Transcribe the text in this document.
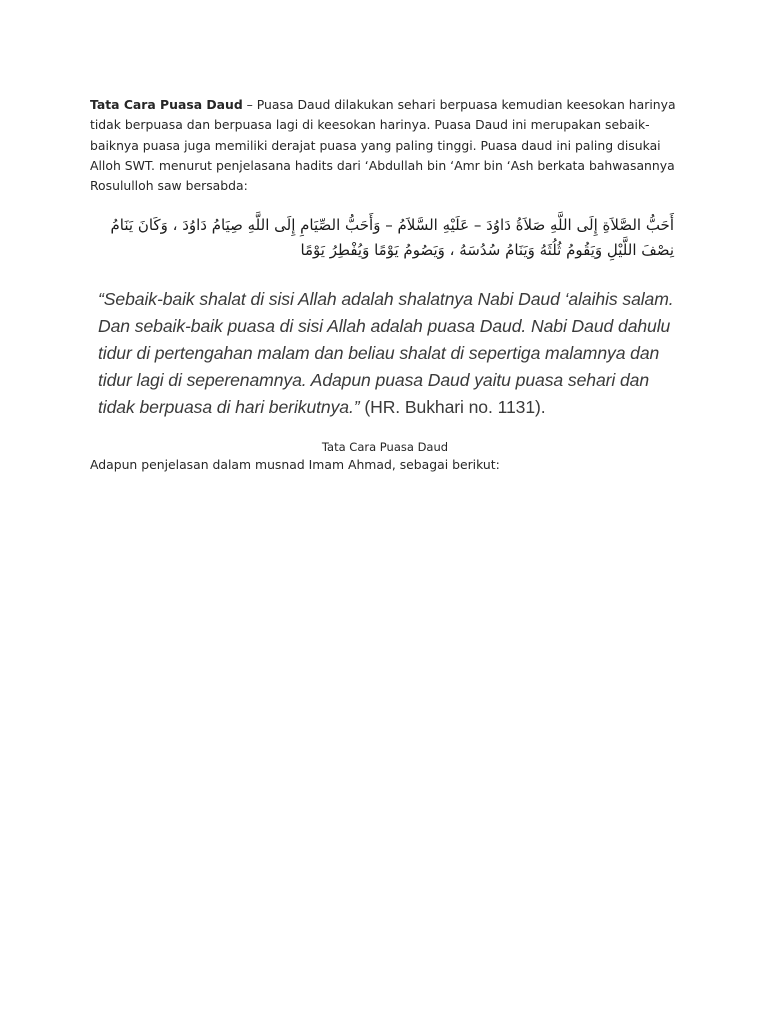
Tata Cara Puasa Daud – Puasa Daud dilakukan sehari berpuasa kemudian keesokan harinya tidak berpuasa dan berpuasa lagi di keesokan harinya. Puasa Daud ini merupakan sebaik-baiknya puasa juga memiliki derajat puasa yang paling tinggi. Puasa daud ini paling disukai Alloh SWT. menurut penjelasana hadits dari ‘Abdullah bin ‘Amr bin ‘Ash berkata bahwasannya Rosululloh saw bersabda:

أَحَبُّ الصَّلاَةِ إِلَى اللَّهِ صَلاَةُ دَاوُدَ – عَلَيْهِ السَّلاَمُ – وَأَحَبُّ الصِّيَامِ إِلَى اللَّهِ صِيَامُ دَاوُدَ ، وَكَانَ يَنَامُ نِصْفَ اللَّيْلِ وَيَقُومُ ثُلُثَهُ وَيَنَامُ سُدُسَهُ ، وَيَصُومُ يَوْمًا وَيُفْطِرُ يَوْمًا
“Sebaik-baik shalat di sisi Allah adalah shalatnya Nabi Daud ‘alaihis salam. Dan sebaik-baik puasa di sisi Allah adalah puasa Daud. Nabi Daud dahulu tidur di pertengahan malam dan beliau shalat di sepertiga malamnya dan tidur lagi di seperenamnya. Adapun puasa Daud yaitu puasa sehari dan tidak berpuasa di hari berikutnya.” (HR. Bukhari no. 1131).

Tata Cara Puasa Daud

Adapun penjelasan dalam musnad Imam Ahmad, sebagai berikut:
